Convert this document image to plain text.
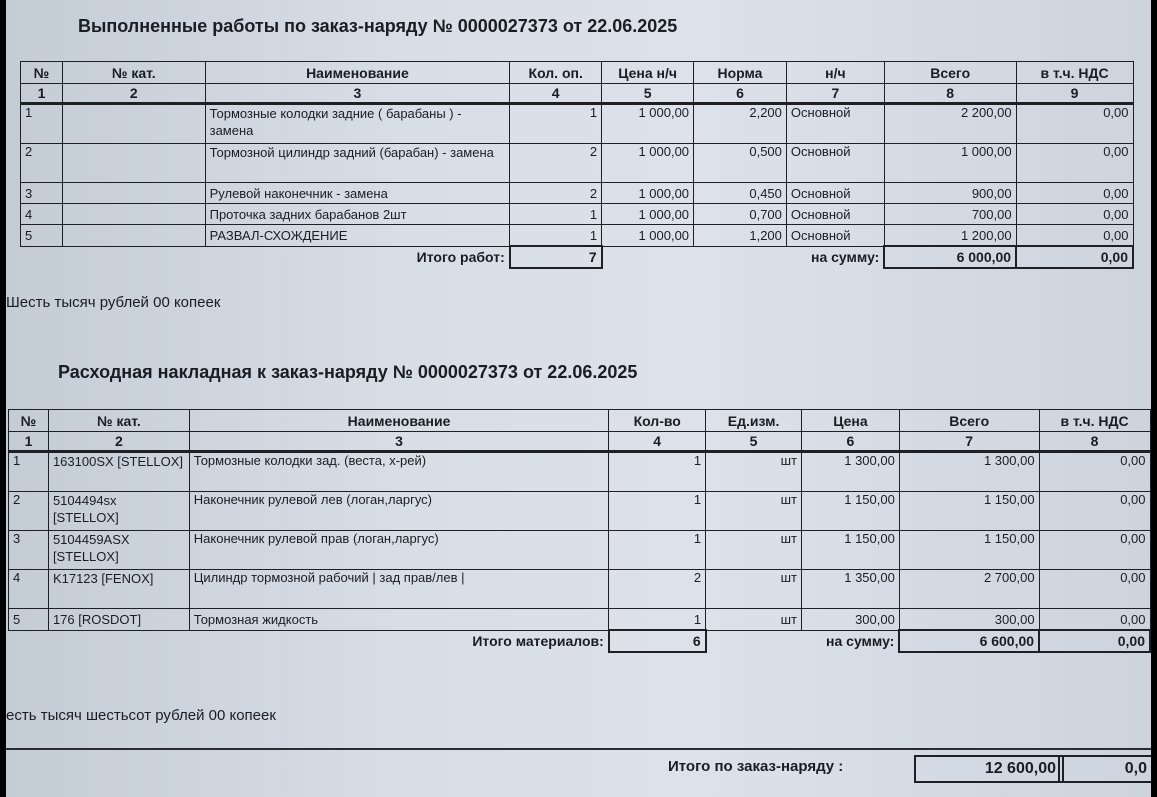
Выполненные работы по заказ-наряду № 0000027373 от 22.06.2025
№	№ кат.	Наименование	Кол. оп.	Цена н/ч	Норма	н/ч	Всего	в т.ч. НДС
1	2	3	4	5	6	7	8	9
1		Тормозные колодки задние ( барабаны ) - замена	1	1 000,00	2,200	Основной	2 200,00	0,00
2		Тормозной цилиндр задний (барабан) - замена	2	1 000,00	0,500	Основной	1 000,00	0,00
3		Рулевой наконечник - замена	2	1 000,00	0,450	Основной	900,00	0,00
4		Проточка задних барабанов 2шт	1	1 000,00	0,700	Основной	700,00	0,00
5		РАЗВАЛ-СХОЖДЕНИЕ	1	1 000,00	1,200	Основной	1 200,00	0,00
Итого работ:			7			на сумму:	6 000,00	0,00
Шесть тысяч рублей 00 копеек
Расходная накладная к заказ-наряду № 0000027373 от 22.06.2025
№	№ кат.	Наименование	Кол-во	Ед.изм.	Цена	Всего	в т.ч. НДС
1	2	3	4	5	6	7	8
1	163100SX [STELLOX]	Тормозные колодки зад. (веста, х-рей)	1	шт	1 300,00	1 300,00	0,00
2	5104494sx [STELLOX]	Наконечник рулевой лев (логан,ларгус)	1	шт	1 150,00	1 150,00	0,00
3	5104459ASX [STELLOX]	Наконечник рулевой прав (логан,ларгус)	1	шт	1 150,00	1 150,00	0,00
4	K17123 [FENOX]	Цилиндр тормозной рабочий | зад прав/лев |	2	шт	1 350,00	2 700,00	0,00
5	176 [ROSDOT]	Тормозная жидкость	1	шт	300,00	300,00	0,00
Итого материалов:			6	на сумму:		6 600,00	0,00
есть тысяч шестьсот рублей 00 копеек
Итого по заказ-наряду :	12 600,00	0,0
